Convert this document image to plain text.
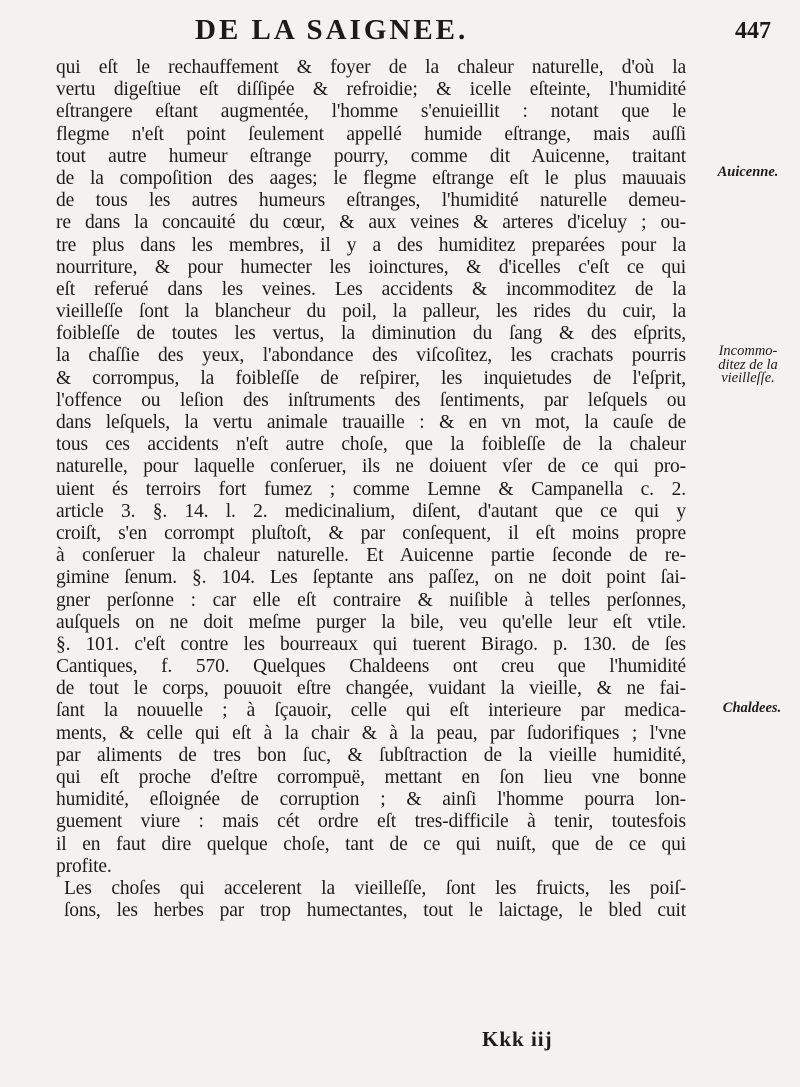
DE LA SAIGNEE.	447
qui eſt le rechauffement & foyer de la chaleur naturelle, d'où la
vertu digeſtiue eſt diſſipée & refroidie; & icelle eſteinte, l'humidité
eſtrangere eſtant augmentée, l'homme s'enuieillit : notant que le
flegme n'eſt point ſeulement appellé humide eſtrange, mais auſſi
tout autre humeur eſtrange pourry, comme dit Auicenne, traitant
de la compoſition des aages; le flegme eſtrange eſt le plus mauuais
de tous les autres humeurs eſtranges, l'humidité naturelle demeu-
re dans la concauité du cœur, & aux veines & arteres d'iceluy ; ou-
tre plus dans les membres, il y a des humiditez preparées pour la
nourriture, & pour humecter les ioinctures, & d'icelles c'eſt ce qui
eſt referué dans les veines. Les accidents & incommoditez de la
vieilleſſe ſont la blancheur du poil, la palleur, les rides du cuir, la
foibleſſe de toutes les vertus, la diminution du ſang & des eſprits,
la chaſſie des yeux, l'abondance des viſcoſitez, les crachats pourris
& corrompus, la foibleſſe de reſpirer, les inquietudes de l'eſprit,
l'offence ou leſion des inſtruments des ſentiments, par leſquels ou
dans leſquels, la vertu animale trauaille : & en vn mot, la cauſe de
tous ces accidents n'eſt autre choſe, que la foibleſſe de la chaleur
naturelle, pour laquelle conſeruer, ils ne doiuent vſer de ce qui pro-
uient és terroirs fort fumez ; comme Lemne & Campanella c. 2.
article 3. §. 14. l. 2. medicinalium, diſent, d'autant que ce qui y
croiſt, s'en corrompt pluſtoſt, & par conſequent, il eſt moins propre
à conſeruer la chaleur naturelle. Et Auicenne partie ſeconde de re-
gimine ſenum. §. 104. Les ſeptante ans paſſez, on ne doit point ſai-
gner perſonne : car elle eſt contraire & nuiſible à telles perſonnes,
auſquels on ne doit meſme purger la bile, veu qu'elle leur eſt vtile.
§. 101. c'eſt contre les bourreaux qui tuerent Birago. p. 130. de ſes
Cantiques, f. 570. Quelques Chaldeens ont creu que l'humidité
de tout le corps, pouuoit eſtre changée, vuidant la vieille, & ne fai-
ſant la nouuelle ; à ſçauoir, celle qui eſt interieure par medica-
ments, & celle qui eſt à la chair & à la peau, par ſudorifiques ; l'vne
par aliments de tres bon ſuc, & ſubſtraction de la vieille humidité,
qui eſt proche d'eſtre corrompuë, mettant en ſon lieu vne bonne
humidité, eſloignée de corruption ; & ainſi l'homme pourra lon-
guement viure : mais cét ordre eſt tres-difficile à tenir, toutesfois
il en faut dire quelque choſe, tant de ce qui nuiſt, que de ce qui
profite.
Les choſes qui accelerent la vieilleſſe, ſont les fruicts, les poiſ-
ſons, les herbes par trop humectantes, tout le laictage, le bled cuit
Auicenne.
Incommo-
ditez de la
vieilleſſe.
Chaldees.
Kkk iij
